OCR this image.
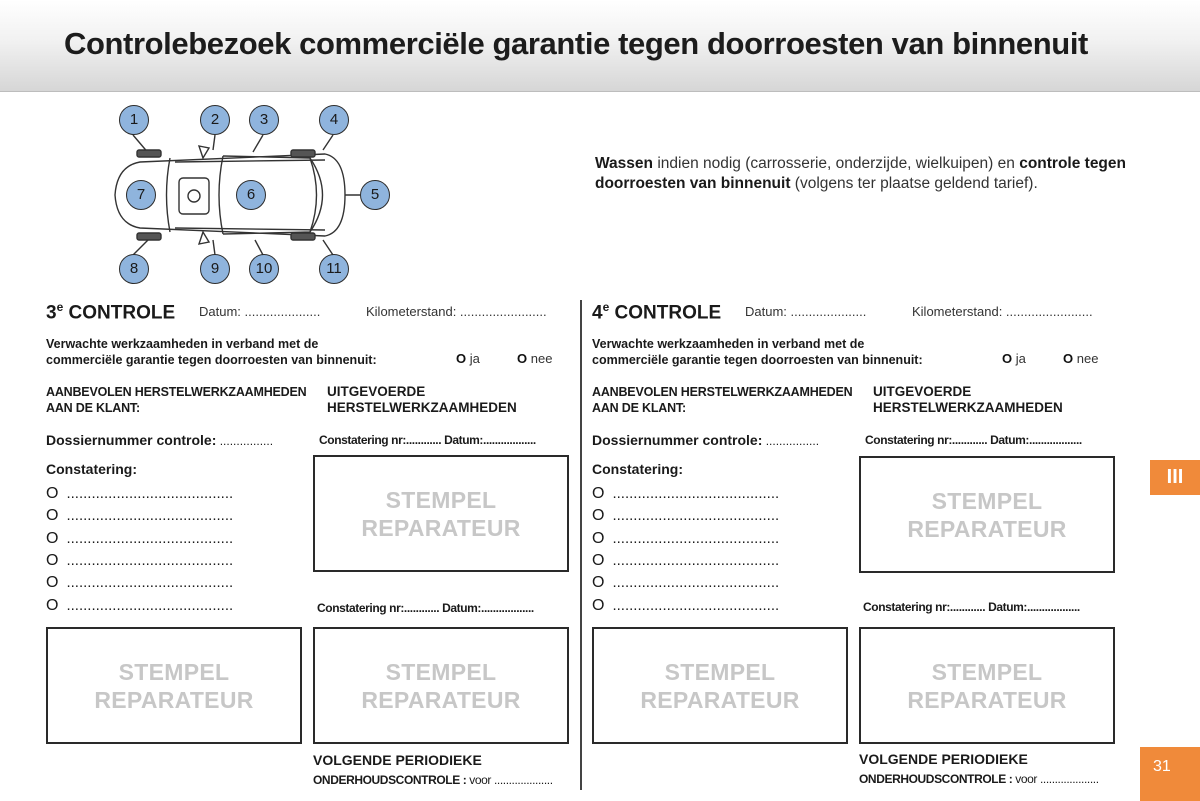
Controlebezoek commerciële garantie tegen doorroesten van binnenuit
1	2	3	4
5
6
7
8	9	10	11
Wassen indien nodig (carrosserie, onderzijde, wielkuipen) en controle tegen doorroesten van binnenuit (volgens ter plaatse geldend tarief).
3e CONTROLE Datum: .....................	Kilometerstand: ........................
Verwachte werkzaamheden in verband met de
commerciële garantie tegen doorroesten van binnenuit:	O ja	O nee
AANBEVOLEN HERSTELWERKZAAMHEDEN
AAN DE KLANT:
UITGEVOERDE
HERSTELWERKZAAMHEDEN
Dossiernummer controle: ................	Constatering nr:............ Datum:..................
Constatering:
O ........................................
O ........................................
O ........................................
O ........................................
O ........................................
O ........................................
STEMPEL
REPARATEUR
Constatering nr:............ Datum:..................
STEMPEL
REPARATEUR
STEMPEL
REPARATEUR
VOLGENDE PERIODIEKE
ONDERHOUDSCONTROLE : voor ....................
4e CONTROLE Datum: .....................	Kilometerstand: ........................
Verwachte werkzaamheden in verband met de
commerciële garantie tegen doorroesten van binnenuit:	O ja	O nee
AANBEVOLEN HERSTELWERKZAAMHEDEN
AAN DE KLANT:
UITGEVOERDE
HERSTELWERKZAAMHEDEN
Dossiernummer controle: ................	Constatering nr:............ Datum:..................
Constatering:
O ........................................
O ........................................
O ........................................
O ........................................
O ........................................
O ........................................
STEMPEL
REPARATEUR
Constatering nr:............ Datum:..................
STEMPEL
REPARATEUR
STEMPEL
REPARATEUR
VOLGENDE PERIODIEKE
ONDERHOUDSCONTROLE : voor ....................
III
31
